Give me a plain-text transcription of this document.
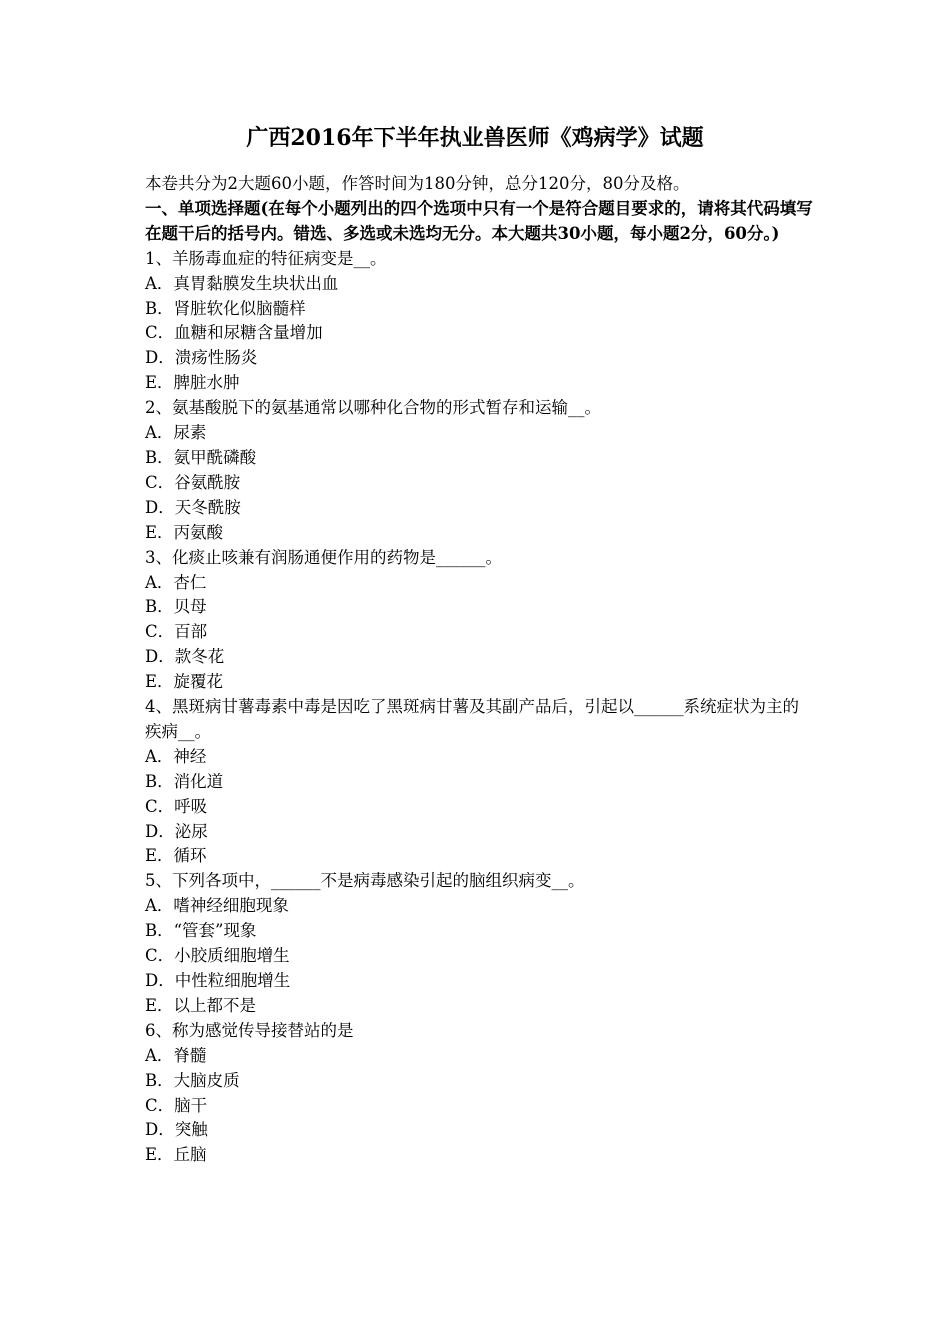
广西2016年下半年执业兽医师《鸡病学》试题

本卷共分为2大题60小题，作答时间为180分钟，总分120分，80分及格。

一、单项选择题(在每个小题列出的四个选项中只有一个是符合题目要求的，请将其代码填写在题干后的括号内。错选、多选或未选均无分。本大题共30小题，每小题2分，60分。)

1、羊肠毒血症的特征病变是__。

A．真胃黏膜发生块状出血

B．肾脏软化似脑髓样

C．血糖和尿糖含量增加

D．溃疡性肠炎

E．脾脏水肿

2、氨基酸脱下的氨基通常以哪种化合物的形式暂存和运输__。

A．尿素

B．氨甲酰磷酸

C．谷氨酰胺

D．天冬酰胺

E．丙氨酸

3、化痰止咳兼有润肠通便作用的药物是______。

A．杏仁

B．贝母

C．百部

D．款冬花

E．旋覆花

4、黑斑病甘薯毒素中毒是因吃了黑斑病甘薯及其副产品后，引起以______系统症状为主的疾病__。

A．神经

B．消化道

C．呼吸

D．泌尿

E．循环

5、下列各项中，______不是病毒感染引起的脑组织病变__。

A．嗜神经细胞现象

B．“管套”现象

C．小胶质细胞增生

D．中性粒细胞增生

E．以上都不是

6、称为感觉传导接替站的是

A．脊髓

B．大脑皮质

C．脑干

D．突触

E．丘脑
